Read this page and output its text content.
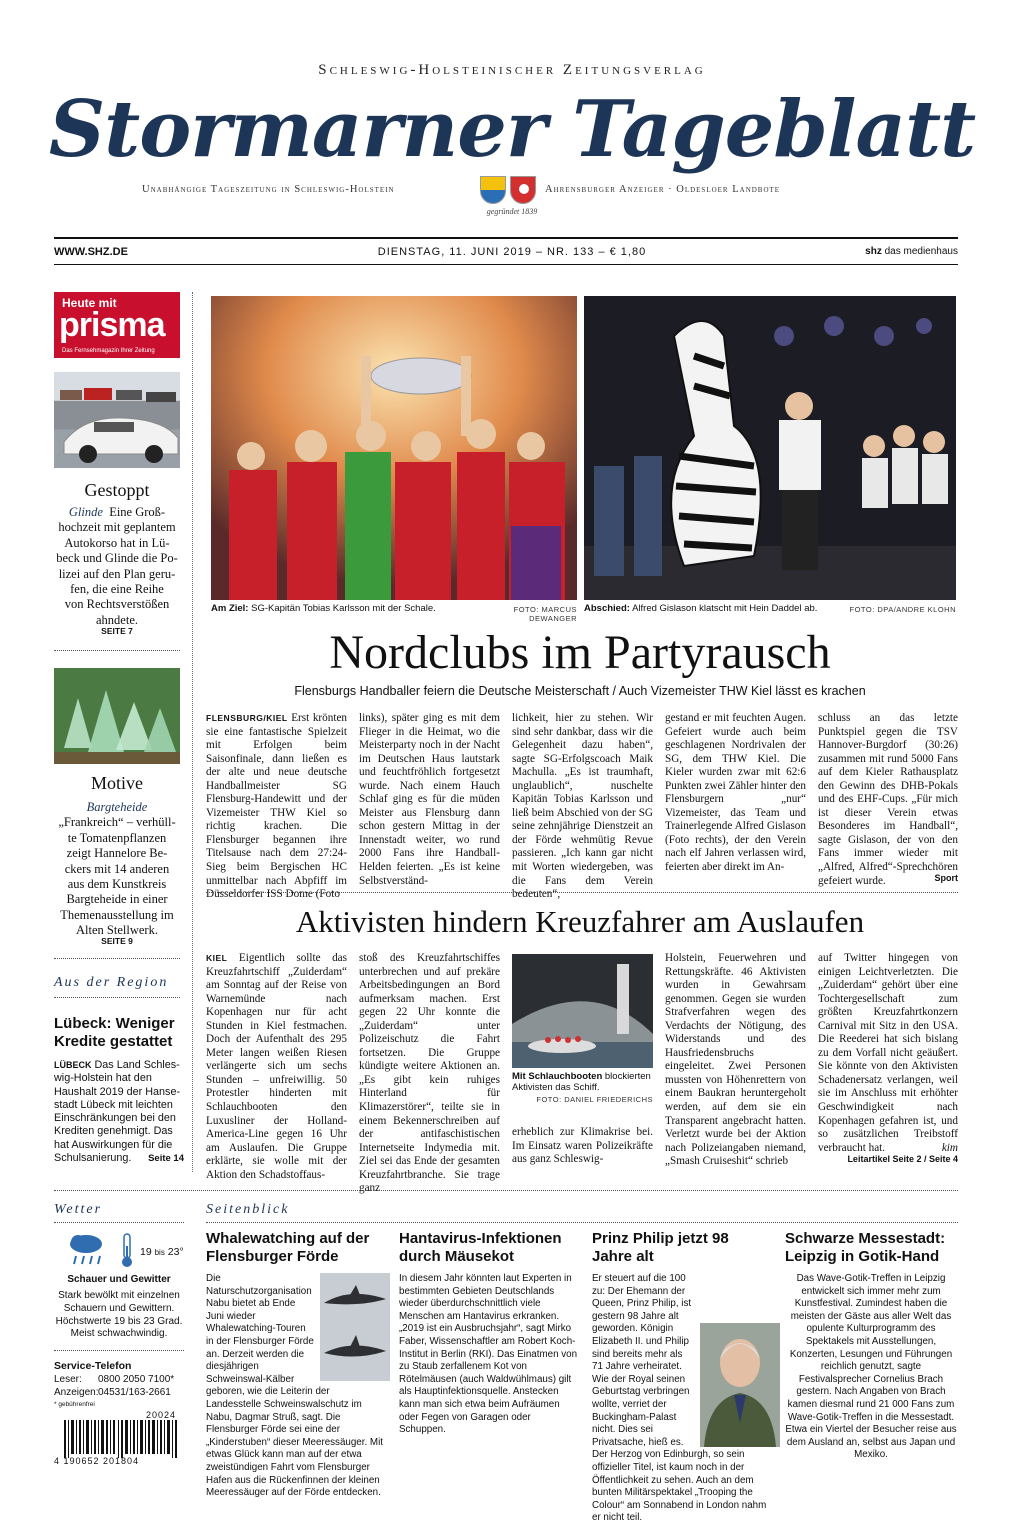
Schleswig-Holsteinischer Zeitungsverlag
Stormarner Tageblatt
Unabhängige Tageszeitung in Schleswig-Holstein
gegründet 1839
Ahrensburger Anzeiger · Oldesloer Landbote
WWW.SHZ.DE	DIENSTAG, 11. JUNI 2019 – NR. 133 – € 1,80	shz das medienhaus
Heute mit
prisma
Das Fernsehmagazin Ihrer Zeitung
Gestoppt
Glinde Eine Groß-
hochzeit mit geplantem
Autokorso hat in Lü-
beck und Glinde die Po-
lizei auf den Plan geru-
fen, die eine Reihe
von Rechtsverstößen
ahndete.
SEITE 7
Motive
Bargteheide
„Frankreich“ – verhüll-
te Tomatenpflanzen
zeigt Hannelore Be-
ckers mit 14 anderen
aus dem Kunstkreis
Bargteheide in einer
Themenausstellung im
Alten Stellwerk.
SEITE 9
Aus der Region
Lübeck: Weniger Kredite gestattet
LÜBECK Das Land Schles-
wig-Holstein hat den
Haushalt 2019 der Hanse-
stadt Lübeck mit leichten
Einschränkungen bei den
Krediten genehmigt. Das
hat Auswirkungen für die
Schulsanierung. Seite 14
Am Ziel: SG-Kapitän Tobias Karlsson mit der Schale.	FOTO: MARCUS DEWANGER
Abschied: Alfred Gislason klatscht mit Hein Daddel ab.	FOTO: DPA/ANDRE KLOHN
Nordclubs im Partyrausch
Flensburgs Handballer feiern die Deutsche Meisterschaft / Auch Vizemeister THW Kiel lässt es krachen
FLENSBURG/KIEL Erst krönten sie eine fantastische Spielzeit mit Erfolgen beim Saisonfinale, dann ließen es der alte und neue deutsche Handballmeister SG Flensburg-Handewitt und der Vizemeister THW Kiel so richtig krachen. Die Flensburger begannen ihre Titelsause nach dem 27:24-Sieg beim Bergischen HC unmittelbar nach Abpfiff im Düsseldorfer ISS Dome (Foto
links), später ging es mit dem Flieger in die Heimat, wo die Meisterparty noch in der Nacht im Deutschen Haus lautstark und feuchtfröhlich fortgesetzt wurde. Nach einem Hauch Schlaf ging es für die müden Meister aus Flensburg dann schon gestern Mittag in der Innenstadt weiter, wo rund 2000 Fans ihre Handball-Helden feierten. „Es ist keine Selbstverständ-
lichkeit, hier zu stehen. Wir sind sehr dankbar, dass wir die Gelegenheit dazu haben“, sagte SG-Erfolgscoach Maik Machulla. „Es ist traumhaft, unglaublich“, nuschelte Kapitän Tobias Karlsson und ließ beim Abschied von der SG seine zehnjährige Dienstzeit an der Förde wehmütig Revue passieren. „Ich kann gar nicht mit Worten wiedergeben, was die Fans dem Verein bedeuten“,
gestand er mit feuchten Augen. Gefeiert wurde auch beim geschlagenen Nordrivalen der SG, dem THW Kiel. Die Kieler wurden zwar mit 62:6 Punkten zwei Zähler hinter den Flensburgern „nur“ Vizemeister, das Team und Trainerlegende Alfred Gislason (Foto rechts), der den Verein nach elf Jahren verlassen wird, feierten aber direkt im An-
schluss an das letzte Punktspiel gegen die TSV Hannover-Burgdorf (30:26) zusammen mit rund 5000 Fans auf dem Kieler Rathausplatz den Gewinn des DHB-Pokals und des EHF-Cups. „Für mich ist dieser Verein etwas Besonderes im Handball“, sagte Gislason, der von den Fans immer wieder mit „Alfred, Alfred“-Sprechchören gefeiert wurde.	Sport
Aktivisten hindern Kreuzfahrer am Auslaufen
KIEL Eigentlich sollte das Kreuzfahrtschiff „Zuiderdam“ am Sonntag auf der Reise von Warnemünde nach Kopenhagen nur für acht Stunden in Kiel festmachen. Doch der Aufenthalt des 295 Meter langen weißen Riesen verlängerte sich um sechs Stunden – unfreiwillig. 50 Protestler hinderten mit Schlauchbooten den Luxusliner der Holland-America-Line gegen 16 Uhr am Auslaufen. Die Gruppe erklärte, sie wolle mit der Aktion den Schadstoffaus-
stoß des Kreuzfahrtschiffes unterbrechen und auf prekäre Arbeitsbedingungen an Bord aufmerksam machen. Erst gegen 22 Uhr konnte die „Zuiderdam“ unter Polizeischutz die Fahrt fortsetzen. Die Gruppe kündigte weitere Aktionen an. „Es gibt kein ruhiges Hinterland für Klimazerstörer“, teilte sie in einem Bekennerschreiben auf der antifaschistischen Internetseite Indymedia mit. Ziel sei das Ende der gesamten Kreuzfahrtbranche. Sie trage ganz
Mit Schlauchbooten blockierten Aktivisten das Schiff.
FOTO: DANIEL FRIEDERICHS
erheblich zur Klimakrise bei. Im Einsatz waren Polizeikräfte aus ganz Schleswig-
Holstein, Feuerwehren und Rettungskräfte. 46 Aktivisten wurden in Gewahrsam genommen. Gegen sie wurden Strafverfahren wegen des Verdachts der Nötigung, des Widerstands und des Hausfriedensbruchs eingeleitet. Zwei Personen mussten von Höhenrettern von einem Baukran heruntergeholt werden, auf dem sie ein Transparent angebracht hatten. Verletzt wurde bei der Aktion nach Polizeiangaben niemand, „Smash Cruiseshit“ schrieb
auf Twitter hingegen von einigen Leichtverletzten. Die „Zuiderdam“ gehört über eine Tochtergesellschaft zum größten Kreuzfahrtkonzern Carnival mit Sitz in den USA. Die Reederei hat sich bislang zu dem Vorfall nicht geäußert. Sie könnte von den Aktivisten Schadenersatz verlangen, weil sie im Anschluss mit erhöhter Geschwindigkeit nach Kopenhagen gefahren ist, und so zusätzlichen Treibstoff verbraucht hat.	kim
Leitartikel Seite 2 / Seite 4
Wetter
19 bis 23°
Schauer und Gewitter
Stark bewölkt mit einzelnen Schauern und Gewittern. Höchstwerte 19 bis 23 Grad. Meist schwachwindig.
Service-Telefon
Leser: 0800 2050 7100*
Anzeigen: 04531/163-2661
* gebührenfrei
20024
4 190652 201804
Seitenblick
Whalewatching auf der Flensburger Förde
Die Naturschutzorganisation Nabu bietet ab Ende Juni wieder Whalewatching-Touren in der Flensburger Förde an. Derzeit werden die diesjährigen Schweinswal-Kälber geboren, wie die Leiterin der Landesstelle Schweinswalschutz im Nabu, Dagmar Struß, sagt. Die Flensburger Förde sei eine der „Kinderstuben“ dieser Meeressäuger. Mit etwas Glück kann man auf der etwa zweistündigen Fahrt vom Flensburger Hafen aus die Rückenfinnen der kleinen Meeressäuger auf der Förde entdecken.
Hantavirus-Infektionen durch Mäusekot
In diesem Jahr könnten laut Experten in bestimmten Gebieten Deutschlands wieder überdurchschnittlich viele Menschen am Hantavirus erkranken. „2019 ist ein Ausbruchsjahr“, sagt Mirko Faber, Wissenschaftler am Robert Koch-Institut in Berlin (RKI). Das Einatmen von zu Staub zerfallenem Kot von Rötelmäusen (auch Waldwühlmaus) gilt als Hauptinfektionsquelle. Anstecken kann man sich etwa beim Aufräumen oder Fegen von Garagen oder Schuppen.
Prinz Philip jetzt 98 Jahre alt
Er steuert auf die 100 zu: Der Ehemann der Queen, Prinz Philip, ist gestern 98 Jahre alt geworden. Königin Elizabeth II. und Philip sind bereits mehr als 71 Jahre verheiratet. Wie der Royal seinen Geburtstag verbringen wollte, verriet der Buckingham-Palast nicht. Dies sei Privatsache, hieß es. Der Herzog von Edinburgh, so sein offizieller Titel, ist kaum noch in der Öffentlichkeit zu sehen. Auch an dem bunten Militärspektakel „Trooping the Colour“ am Sonnabend in London nahm er nicht teil.
Schwarze Messestadt: Leipzig in Gotik-Hand
Das Wave-Gotik-Treffen in Leipzig entwickelt sich immer mehr zum Kunstfestival. Zumindest haben die meisten der Gäste aus aller Welt das opulente Kulturprogramm des Spektakels mit Ausstellungen, Konzerten, Lesungen und Führungen reichlich genutzt, sagte Festivalsprecher Cornelius Brach gestern. Nach Angaben von Brach kamen diesmal rund 21 000 Fans zum Wave-Gotik-Treffen in die Messestadt. Etwa ein Viertel der Besucher reise aus dem Ausland an, selbst aus Japan und Mexiko.
